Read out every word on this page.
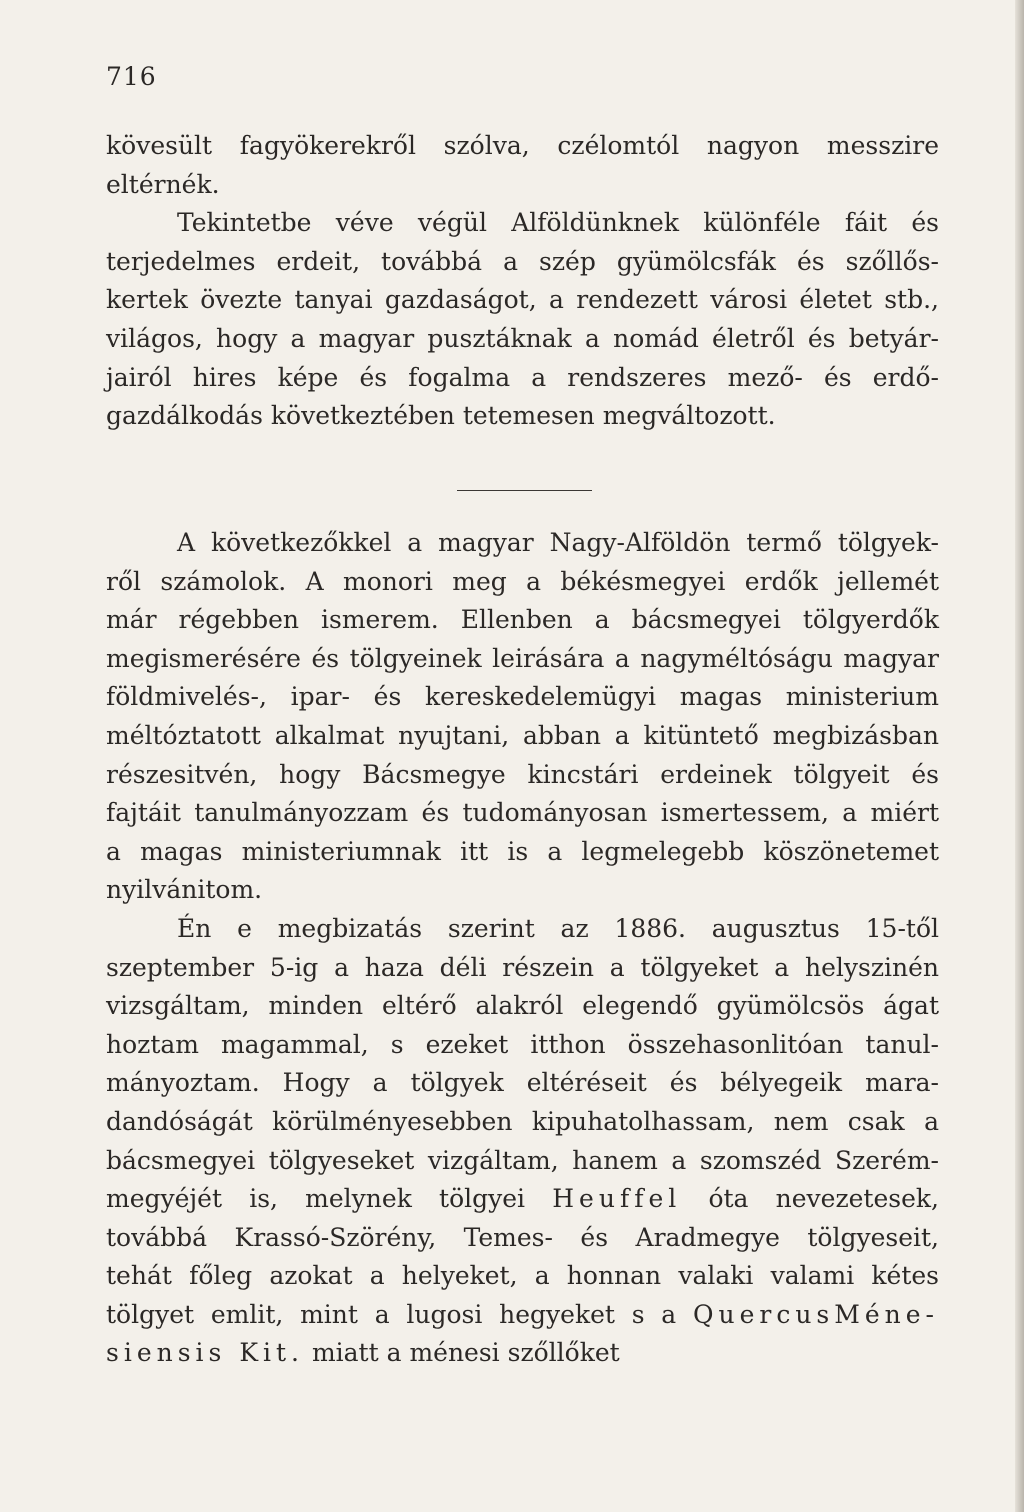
716
kövesült fagyökerekről szólva, czélomtól nagyon messzire
eltérnék.
Tekintetbe véve végül Alföldünknek különféle fáit és
terjedelmes erdeit, továbbá a szép gyümölcsfák és szőllős-
kertek övezte tanyai gazdaságot, a rendezett városi életet stb.,
világos, hogy a magyar pusztáknak a nomád életről és betyár-
jairól hires képe és fogalma a rendszeres mező- és erdő-
gazdálkodás következtében tetemesen megváltozott.
A következőkkel a magyar Nagy-Alföldön termő tölgyek-
ről számolok. A monori meg a békésmegyei erdők jellemét
már régebben ismerem. Ellenben a bácsmegyei tölgyerdők
megismerésére és tölgyeinek leirására a nagyméltóságu magyar
földmivelés-, ipar- és kereskedelemügyi magas ministerium
méltóztatott alkalmat nyujtani, abban a kitüntető megbizásban
részesitvén, hogy Bácsmegye kincstári erdeinek tölgyeit és
fajtáit tanulmányozzam és tudományosan ismertessem, a miért
a magas ministeriumnak itt is a legmelegebb köszönetemet
nyilvánitom.
Én e megbizatás szerint az 1886. augusztus 15-től
szeptember 5-ig a haza déli részein a tölgyeket a helyszinén
vizsgáltam, minden eltérő alakról elegendő gyümölcsös ágat
hoztam magammal, s ezeket itthon összehasonlitóan tanul-
mányoztam. Hogy a tölgyek eltéréseit és bélyegeik mara-
dandóságát körülményesebben kipuhatolhassam, nem csak a
bácsmegyei tölgyeseket vizgáltam, hanem a szomszéd Szerém-
megyéjét is, melynek tölgyei Heuffel óta nevezetesek,
továbbá Krassó-Szörény, Temes- és Aradmegye tölgyeseit,
tehát főleg azokat a helyeket, a honnan valaki valami kétes
tölgyet emlit, mint a lugosi hegyeket s a QuercusMéne-
siensis Kit. miatt a ménesi szőllőket
